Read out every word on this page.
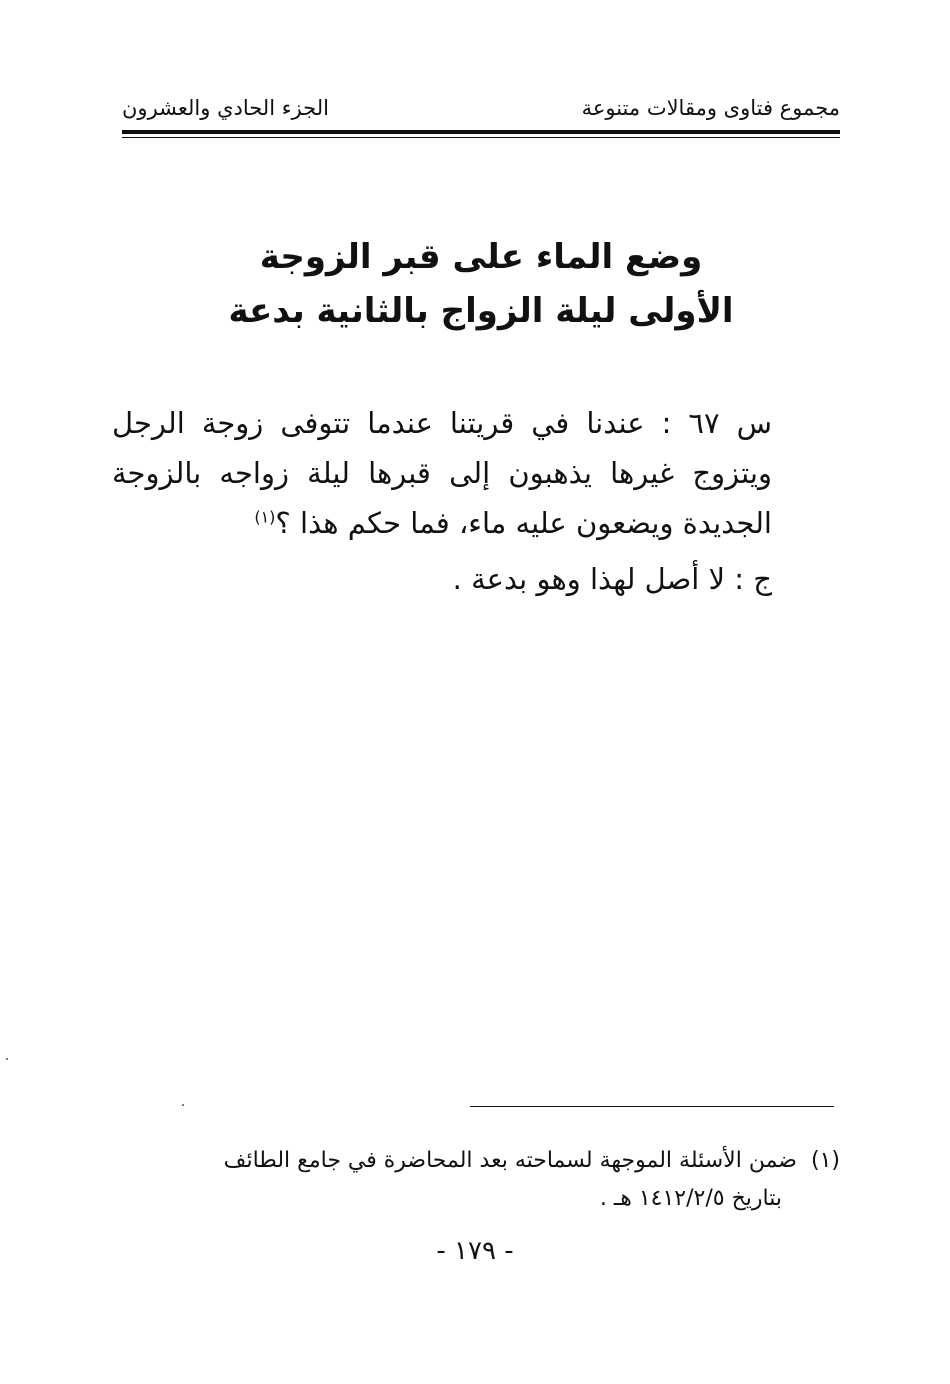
مجموع فتاوى ومقالات متنوعة
الجزء الحادي والعشرون
وضع الماء على قبر الزوجة
الأولى ليلة الزواج بالثانية بدعة

س ٦٧ : عندنا في قريتنا عندما تتوفى زوجة الرجل ويتزوج غيرها يذهبون إلى قبرها ليلة زواجه بالزوجة الجديدة ويضعون عليه ماء، فما حكم هذا ؟$^{(١)}$

ج : لا أصل لهذا وهو بدعة .

(١)ضمن الأسئلة الموجهة لسماحته بعد المحاضرة في جامع الطائف
بتاريخ ١٤١٢/٢/٥ هـ .
- ١٧٩ -
